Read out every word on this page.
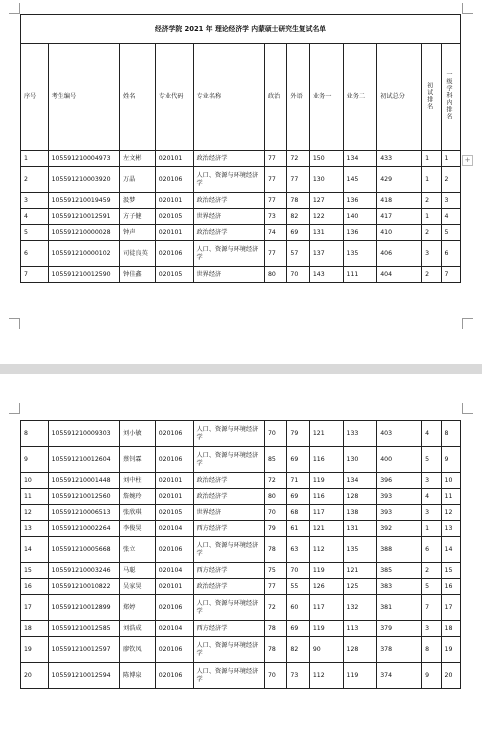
经济学院 2021 年 理论经济学 内蒙硕士研究生复试名单											
序号	考生编号	姓名	专业代码	专业名称	政治	外语	业务一	业务二	初试总分	初试排名	一级学科内排名
1	105591210004973	左文彬	020101	政治经济学	77	72	150	134	433	1	1
2	105591210003920	万晶	020106	人口、资源与环境经济学	77	77	130	145	429	1	2
3	105591210019459	汲梦	020101	政治经济学	77	78	127	136	418	2	3
4	105591210012591	方子健	020105	世界经济	73	82	122	140	417	1	4
5	105591210000028	钟声	020101	政治经济学	74	69	131	136	410	2	5
6	105591210000102	司徒良英	020106	人口、资源与环境经济学	77	57	137	135	406	3	6
7	105591210012590	钟佳鑫	020105	世界经济	80	70	143	111	404	2	7
+
8	105591210009303	刘小敏	020106	人口、资源与环境经济学	70	79	121	133	403	4	8
9	105591210012604	蔡钊霖	020106	人口、资源与环境经济学	85	69	116	130	400	5	9
10	105591210001448	刘中柱	020101	政治经济学	72	71	119	134	396	3	10
11	105591210012560	詹婉玲	020101	政治经济学	80	69	116	128	393	4	11
12	105591210006513	张欣琪	020105	世界经济	70	68	117	138	393	3	12
13	105591210002264	李俊昊	020104	西方经济学	79	61	121	131	392	1	13
14	105591210005668	张立	020106	人口、资源与环境经济学	78	63	112	135	388	6	14
15	105591210003246	马聪	020104	西方经济学	75	70	119	121	385	2	15
16	105591210010822	吴家昊	020101	政治经济学	77	55	126	125	383	5	16
17	105591210012899	郑婷	020106	人口、资源与环境经济学	72	60	117	132	381	7	17
18	105591210012585	刘浩成	020104	西方经济学	78	69	119	113	379	3	18
19	105591210012597	廖钦凤	020106	人口、资源与环境经济学	78	82	90	128	378	8	19
20	105591210012594	陈博泉	020106	人口、资源与环境经济学	70	73	112	119	374	9	20
